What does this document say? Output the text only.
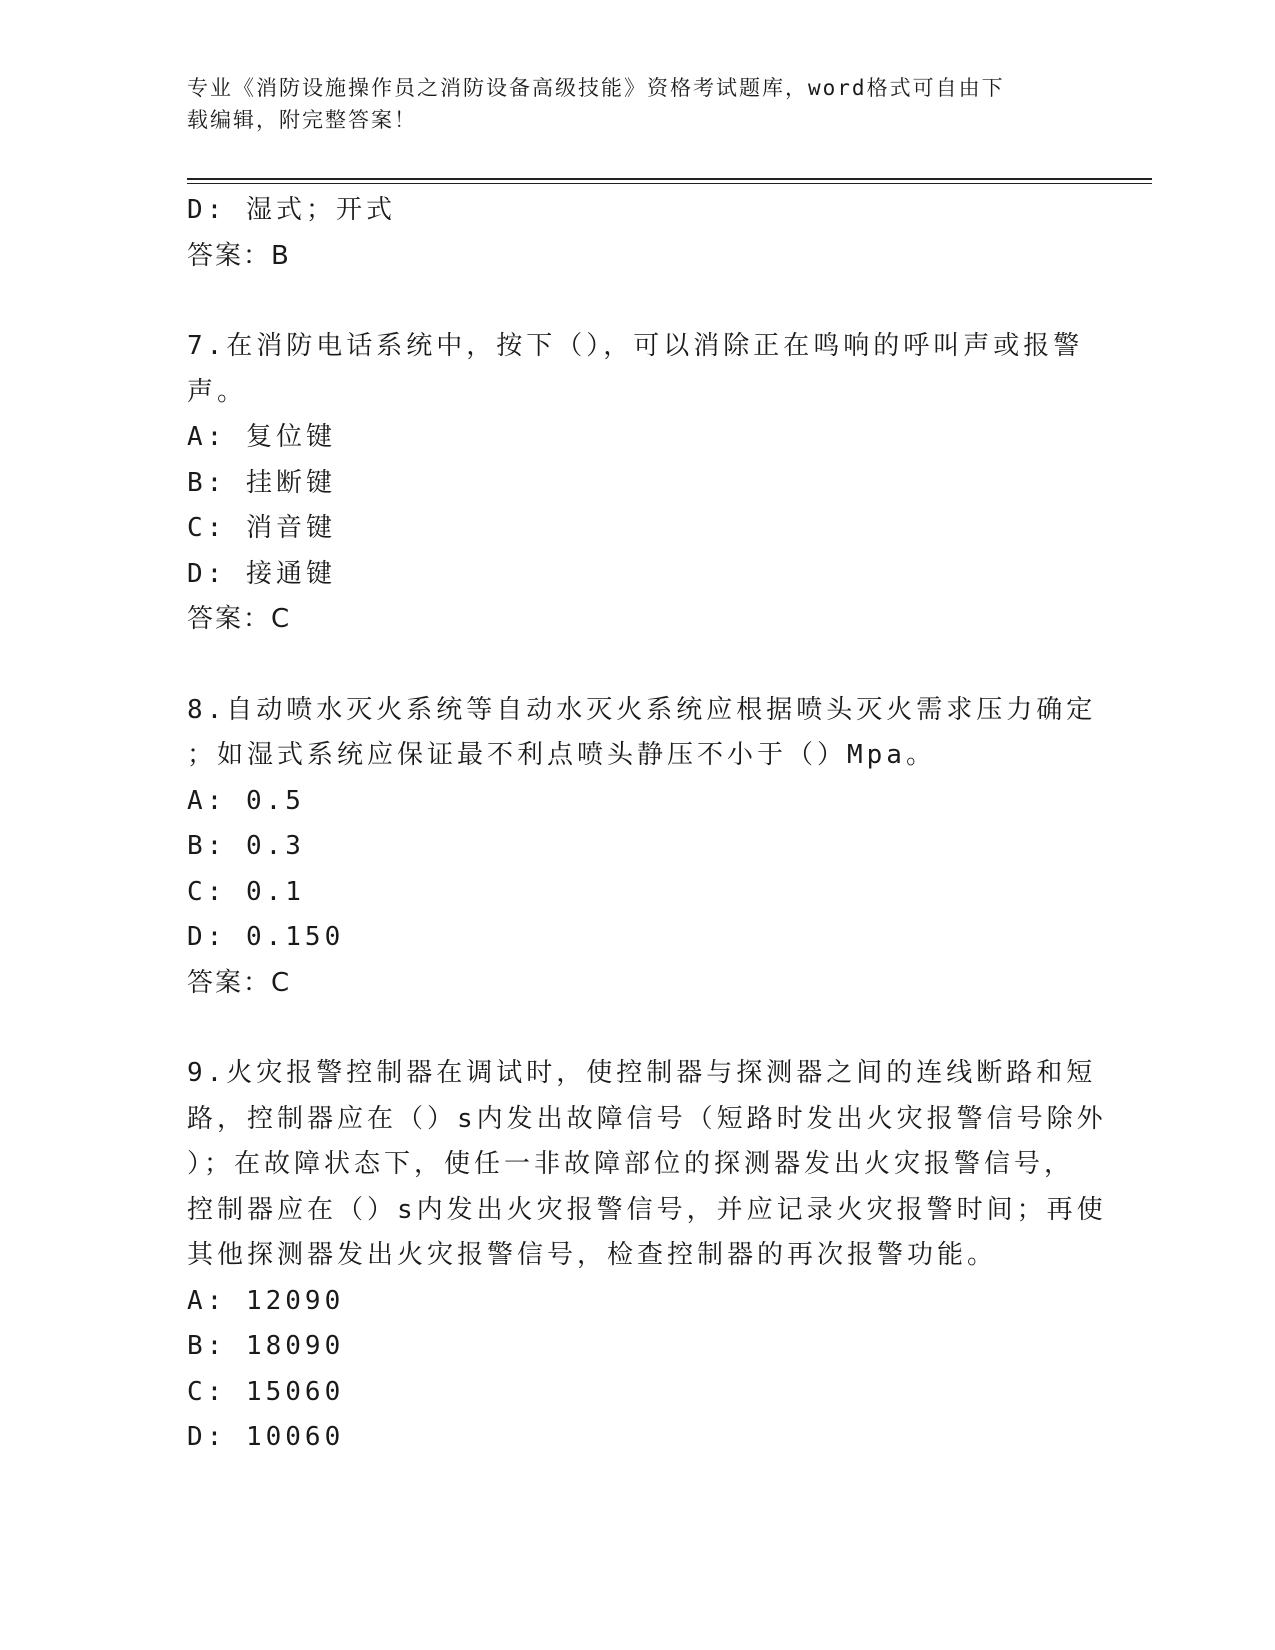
专业《消防设施操作员之消防设备高级技能》资格考试题库，word格式可自由下
载编辑，附完整答案！
D: 湿式；开式
答案：B
7.在消防电话系统中，按下（），可以消除正在鸣响的呼叫声或报警
声。
A: 复位键
B: 挂断键
C: 消音键
D: 接通键
答案：C
8.自动喷水灭火系统等自动水灭火系统应根据喷头灭火需求压力确定
；如湿式系统应保证最不利点喷头静压不小于（）Mpa。
A: 0.5
B: 0.3
C: 0.1
D: 0.150
答案：C
9.火灾报警控制器在调试时，使控制器与探测器之间的连线断路和短
路，控制器应在（）s内发出故障信号（短路时发出火灾报警信号除外
）；在故障状态下，使任一非故障部位的探测器发出火灾报警信号，
控制器应在（）s内发出火灾报警信号，并应记录火灾报警时间；再使
其他探测器发出火灾报警信号，检查控制器的再次报警功能。
A: 12090
B: 18090
C: 15060
D: 10060
